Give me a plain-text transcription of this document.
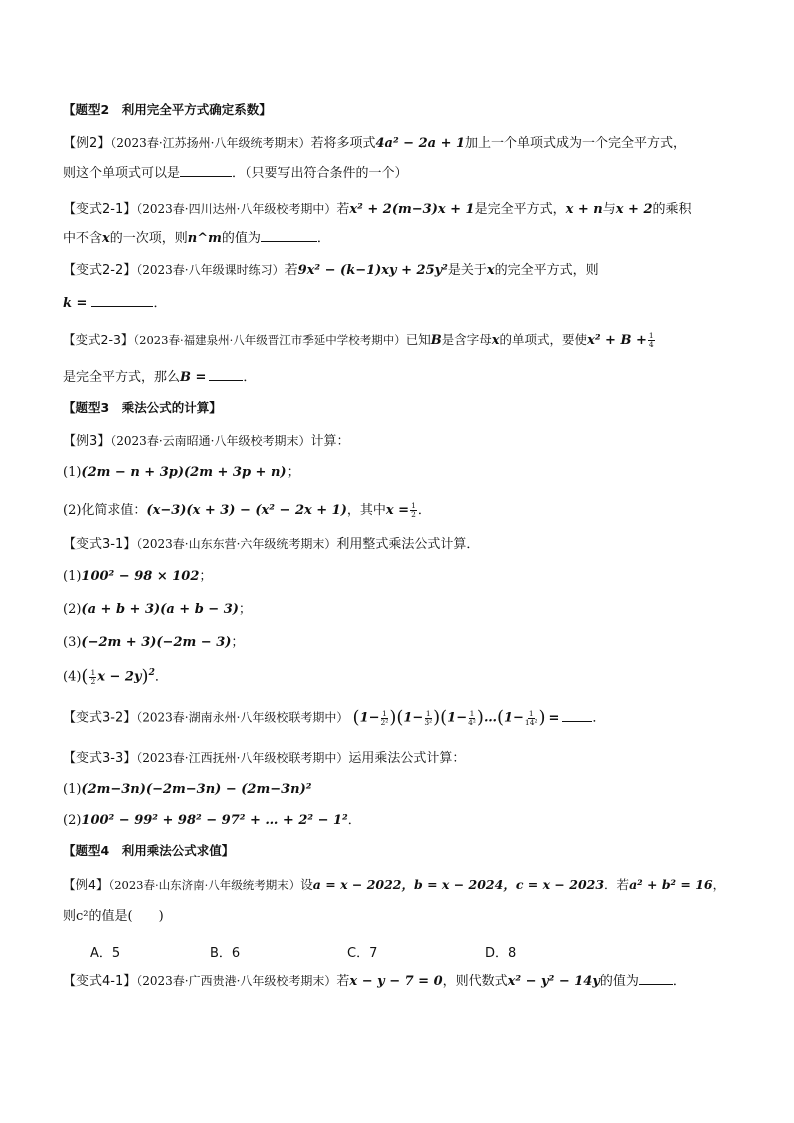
【题型2　利用完全平方式确定系数】
【例2】（2023春·江苏扬州·八年级统考期末）若将多项式4a² − 2a + 1加上一个单项式成为一个完全平方式，
则这个单项式可以是	．（只要写出符合条件的一个）
【变式2-1】（2023春·四川达州·八年级校考期中）若x² + 2(m−3)x + 1是完全平方式，x + n与x + 2的乘积
中不含x的一次项，则n^m的值为	．
【变式2-2】（2023春·八年级课时练习）若9x² − (k−1)xy + 25y²是关于x的完全平方式，则
k =	．
【变式2-3】（2023春·福建泉州·八年级晋江市季延中学校考期中）已知B是含字母x的单项式，要使$x^2 + B + \frac{1}{4}$
是完全平方式，那么B =	．
【题型3　乘法公式的计算】
【例3】（2023春·云南昭通·八年级校考期末）计算：
(1)(2m − n + 3p)(2m + 3p + n)；
(2)化简求值：(x−3)(x + 3) − (x² − 2x + 1)，其中$x = \frac{1}{2}$ ．
【变式3-1】（2023春·山东东营·六年级统考期末）利用整式乘法公式计算．
(1)100² − 98 × 102；
(2)(a + b + 3)(a + b − 3)；
(3)(−2m + 3)(−2m − 3)；
$(4)( \frac{1}{2}$ $x - 2y)^2$．
【变式3-2】（2023春·湖南永州·八年级校联考期中） $(1- \frac{1}{\text{2²}} )(1- \frac{1}{\text{3²}} )(1- \frac{1}{\text{4²}}$ )…(1− $\frac{1}{\text{14²}}$ ) =	．
【变式3-3】（2023春·江西抚州·八年级校联考期中）运用乘法公式计算：
(1)(2m−3n)(−2m−3n) − (2m−3n)²
(2)100² − 99² + 98² − 97² + … + 2² − 1²．
【题型4　利用乘法公式求值】
【例4】（2023春·山东济南·八年级统考期末）设a = x − 2022，b = x − 2024，c = x − 2023．若a² + b² = 16，
则c²的值是(　　)
A．5	B．6	C．7	D．8
【变式4-1】（2023春·广西贵港·八年级校考期末）若x − y − 7 = 0，则代数式x² − y² − 14y的值为	．
